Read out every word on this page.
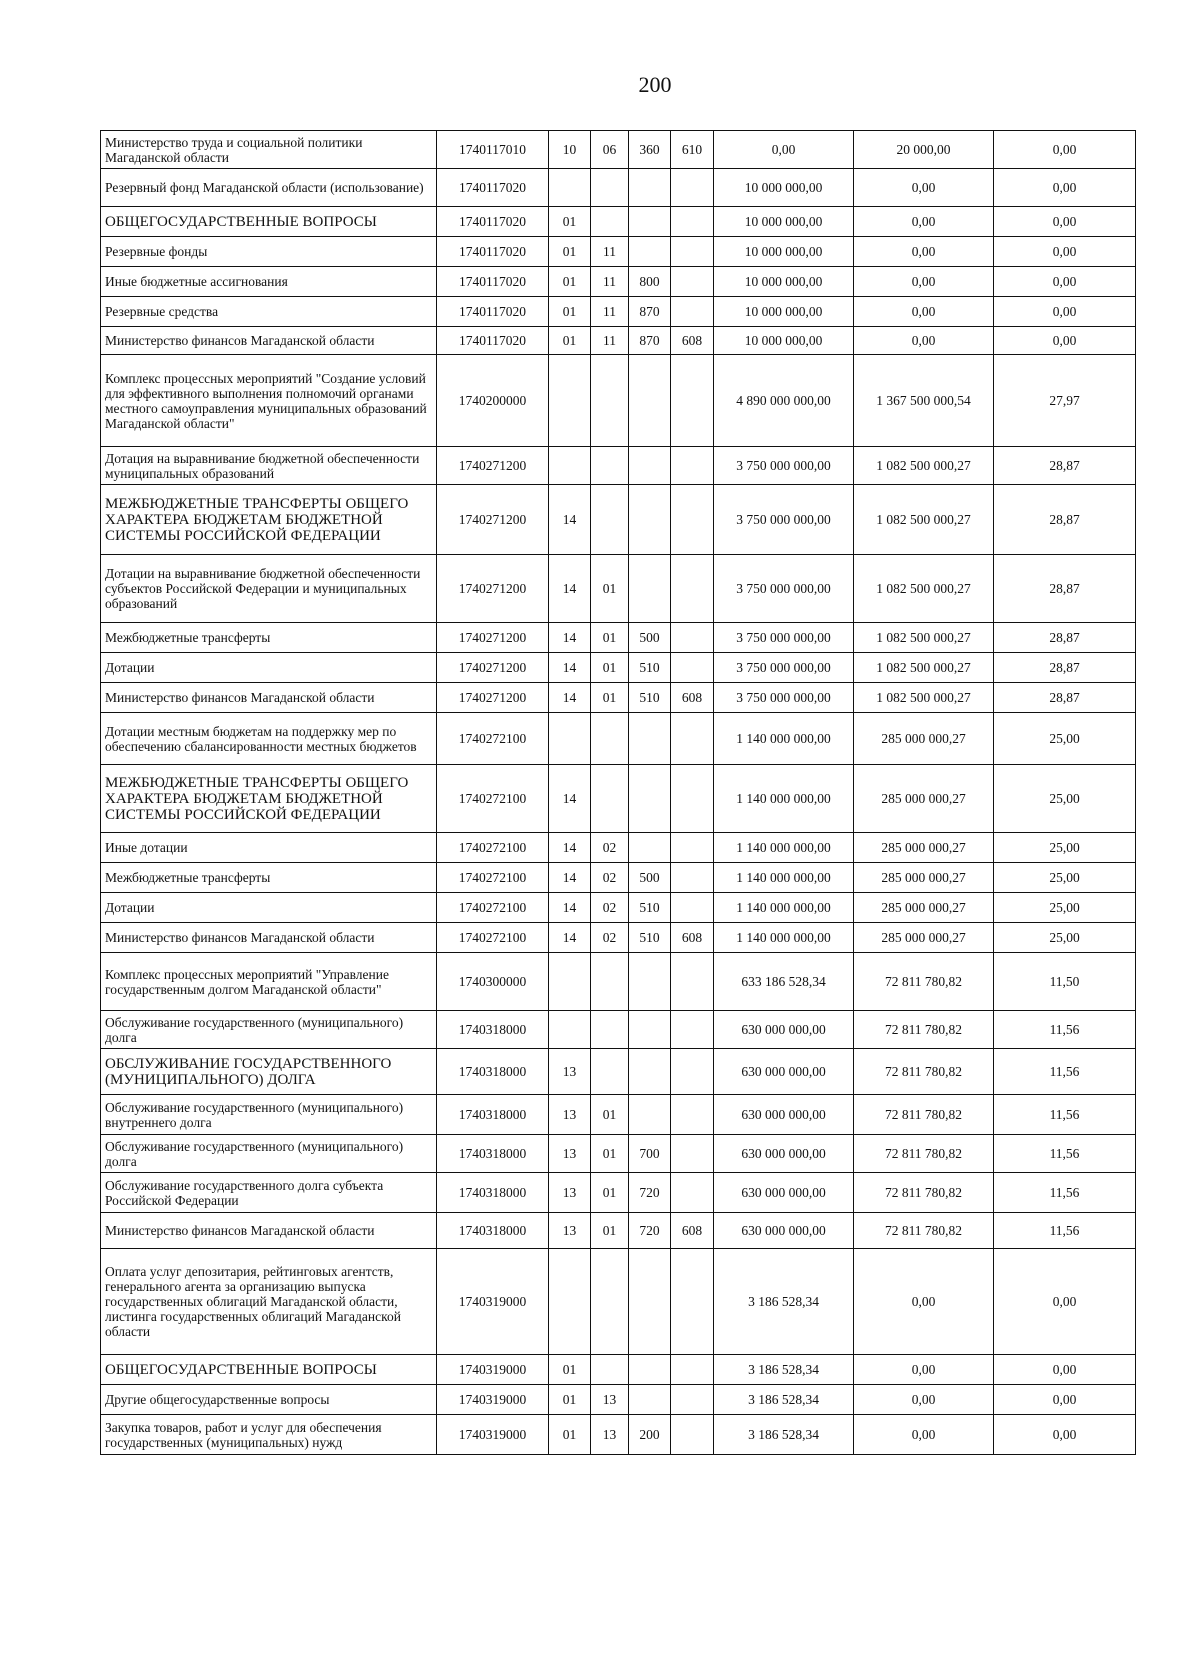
200
Министерство труда и социальной политики Магаданской области	1740117010	10	06	360	610	0,00	20 000,00	0,00
Резервный фонд Магаданской области (использование)	1740117020					10 000 000,00	0,00	0,00
ОБЩЕГОСУДАРСТВЕННЫЕ ВОПРОСЫ	1740117020	01				10 000 000,00	0,00	0,00
Резервные фонды	1740117020	01	11			10 000 000,00	0,00	0,00
Иные бюджетные ассигнования	1740117020	01	11	800		10 000 000,00	0,00	0,00
Резервные средства	1740117020	01	11	870		10 000 000,00	0,00	0,00
Министерство финансов Магаданской области	1740117020	01	11	870	608	10 000 000,00	0,00	0,00
Комплекс процессных мероприятий "Создание условий для эффективного выполнения полномочий органами местного самоуправления муниципальных образований Магаданской области"	1740200000					4 890 000 000,00	1 367 500 000,54	27,97
Дотация на выравнивание бюджетной обеспеченности муниципальных образований	1740271200					3 750 000 000,00	1 082 500 000,27	28,87
МЕЖБЮДЖЕТНЫЕ ТРАНСФЕРТЫ ОБЩЕГО ХАРАКТЕРА БЮДЖЕТАМ БЮДЖЕТНОЙ СИСТЕМЫ РОССИЙСКОЙ ФЕДЕРАЦИИ	1740271200	14				3 750 000 000,00	1 082 500 000,27	28,87
Дотации на выравнивание бюджетной обеспеченности субъектов Российской Федерации и муниципальных образований	1740271200	14	01			3 750 000 000,00	1 082 500 000,27	28,87
Межбюджетные трансферты	1740271200	14	01	500		3 750 000 000,00	1 082 500 000,27	28,87
Дотации	1740271200	14	01	510		3 750 000 000,00	1 082 500 000,27	28,87
Министерство финансов Магаданской области	1740271200	14	01	510	608	3 750 000 000,00	1 082 500 000,27	28,87
Дотации местным бюджетам на поддержку мер по обеспечению сбалансированности местных бюджетов	1740272100					1 140 000 000,00	285 000 000,27	25,00
МЕЖБЮДЖЕТНЫЕ ТРАНСФЕРТЫ ОБЩЕГО ХАРАКТЕРА БЮДЖЕТАМ БЮДЖЕТНОЙ СИСТЕМЫ РОССИЙСКОЙ ФЕДЕРАЦИИ	1740272100	14				1 140 000 000,00	285 000 000,27	25,00
Иные дотации	1740272100	14	02			1 140 000 000,00	285 000 000,27	25,00
Межбюджетные трансферты	1740272100	14	02	500		1 140 000 000,00	285 000 000,27	25,00
Дотации	1740272100	14	02	510		1 140 000 000,00	285 000 000,27	25,00
Министерство финансов Магаданской области	1740272100	14	02	510	608	1 140 000 000,00	285 000 000,27	25,00
Комплекс процессных мероприятий "Управление государственным долгом Магаданской области"	1740300000					633 186 528,34	72 811 780,82	11,50
Обслуживание государственного (муниципального) долга	1740318000					630 000 000,00	72 811 780,82	11,56
ОБСЛУЖИВАНИЕ ГОСУДАРСТВЕННОГО (МУНИЦИПАЛЬНОГО) ДОЛГА	1740318000	13				630 000 000,00	72 811 780,82	11,56
Обслуживание государственного (муниципального) внутреннего долга	1740318000	13	01			630 000 000,00	72 811 780,82	11,56
Обслуживание государственного (муниципального) долга	1740318000	13	01	700		630 000 000,00	72 811 780,82	11,56
Обслуживание государственного долга субъекта Российской Федерации	1740318000	13	01	720		630 000 000,00	72 811 780,82	11,56
Министерство финансов Магаданской области	1740318000	13	01	720	608	630 000 000,00	72 811 780,82	11,56
Оплата услуг депозитария, рейтинговых агентств, генерального агента за организацию выпуска государственных облигаций Магаданской области, листинга государственных облигаций Магаданской области	1740319000					3 186 528,34	0,00	0,00
ОБЩЕГОСУДАРСТВЕННЫЕ ВОПРОСЫ	1740319000	01				3 186 528,34	0,00	0,00
Другие общегосударственные вопросы	1740319000	01	13			3 186 528,34	0,00	0,00
Закупка товаров, работ и услуг для обеспечения государственных (муниципальных) нужд	1740319000	01	13	200		3 186 528,34	0,00	0,00
